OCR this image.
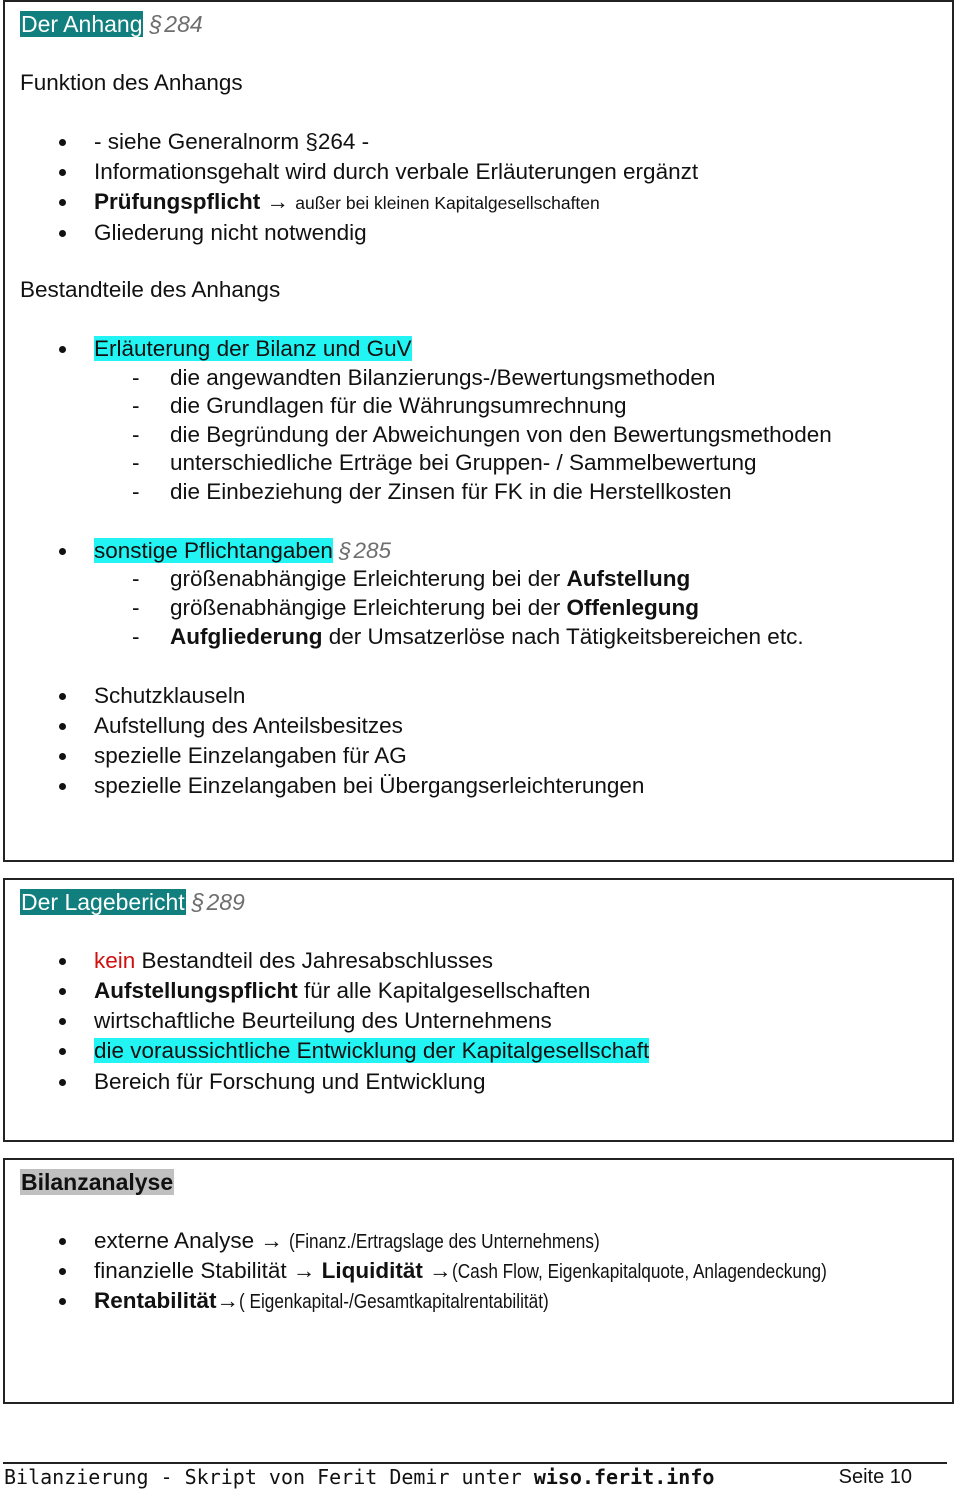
Der Anhang §284
Funktion des Anhangs
- siehe Generalnorm §264 -
Informationsgehalt wird durch verbale Erläuterungen ergänzt
Prüfungspflicht → außer bei kleinen Kapitalgesellschaften
Gliederung nicht notwendig
Bestandteile des Anhangs
Erläuterung der Bilanz und GuV
- die angewandten Bilanzierungs-/Bewertungsmethoden
- die Grundlagen für die Währungsumrechnung
- die Begründung der Abweichungen von den Bewertungsmethoden
- unterschiedliche Erträge bei Gruppen- / Sammelbewertung
- die Einbeziehung der Zinsen für FK in die Herstellkosten
sonstige Pflichtangaben §285
- größenabhängige Erleichterung bei der Aufstellung
- größenabhängige Erleichterung bei der Offenlegung
- Aufgliederung der Umsatzerlöse nach Tätigkeitsbereichen etc.
Schutzklauseln
Aufstellung des Anteilsbesitzes
spezielle Einzelangaben für AG
spezielle Einzelangaben bei Übergangserleichterungen
Der Lagebericht §289
kein Bestandteil des Jahresabschlusses
Aufstellungspflicht für alle Kapitalgesellschaften
wirtschaftliche Beurteilung des Unternehmens
die voraussichtliche Entwicklung der Kapitalgesellschaft
Bereich für Forschung und Entwicklung
Bilanzanalyse
externe Analyse → (Finanz./Ertragslage des Unternehmens)
finanzielle Stabilität → Liquidität →(Cash Flow, Eigenkapitalquote, Anlagendeckung)
Rentabilität→( Eigenkapital-/Gesamtkapitalrentabilität)
Bilanzierung - Skript von Ferit Demir unter wiso.ferit.info	Seite 10
